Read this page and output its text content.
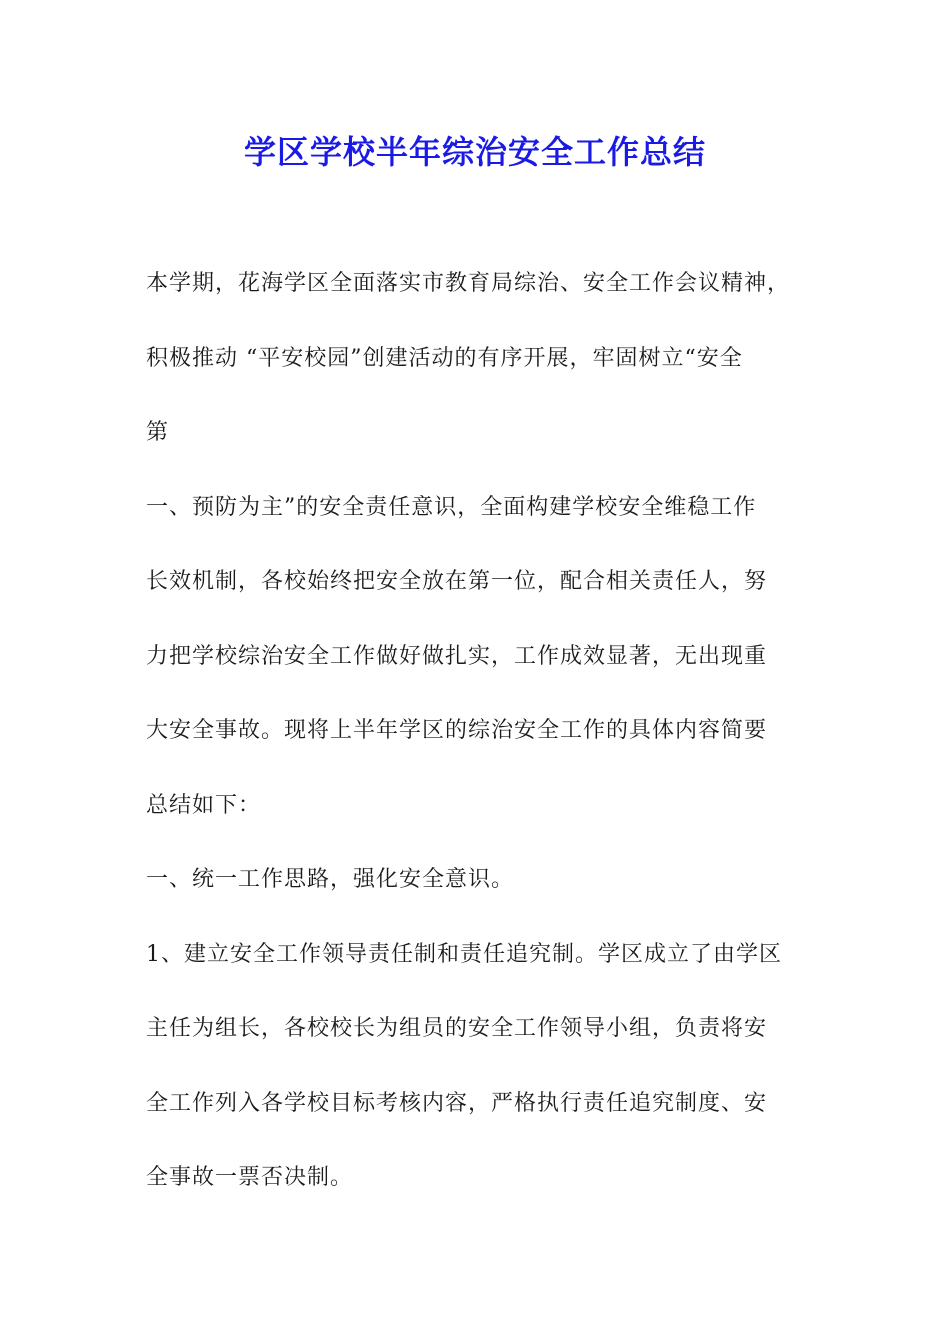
学区学校半年综治安全工作总结
本学期，花海学区全面落实市教育局综治、安全工作会议精神，
积极推动 “平安校园”创建活动的有序开展，牢固树立“安全
第
一、预防为主”的安全责任意识，全面构建学校安全维稳工作
长效机制，各校始终把安全放在第一位，配合相关责任人，努
力把学校综治安全工作做好做扎实，工作成效显著，无出现重
大安全事故。现将上半年学区的综治安全工作的具体内容简要
总结如下：
一、统一工作思路，强化安全意识。
1、建立安全工作领导责任制和责任追究制。学区成立了由学区
主任为组长，各校校长为组员的安全工作领导小组，负责将安
全工作列入各学校目标考核内容，严格执行责任追究制度、安
全事故一票否决制。
